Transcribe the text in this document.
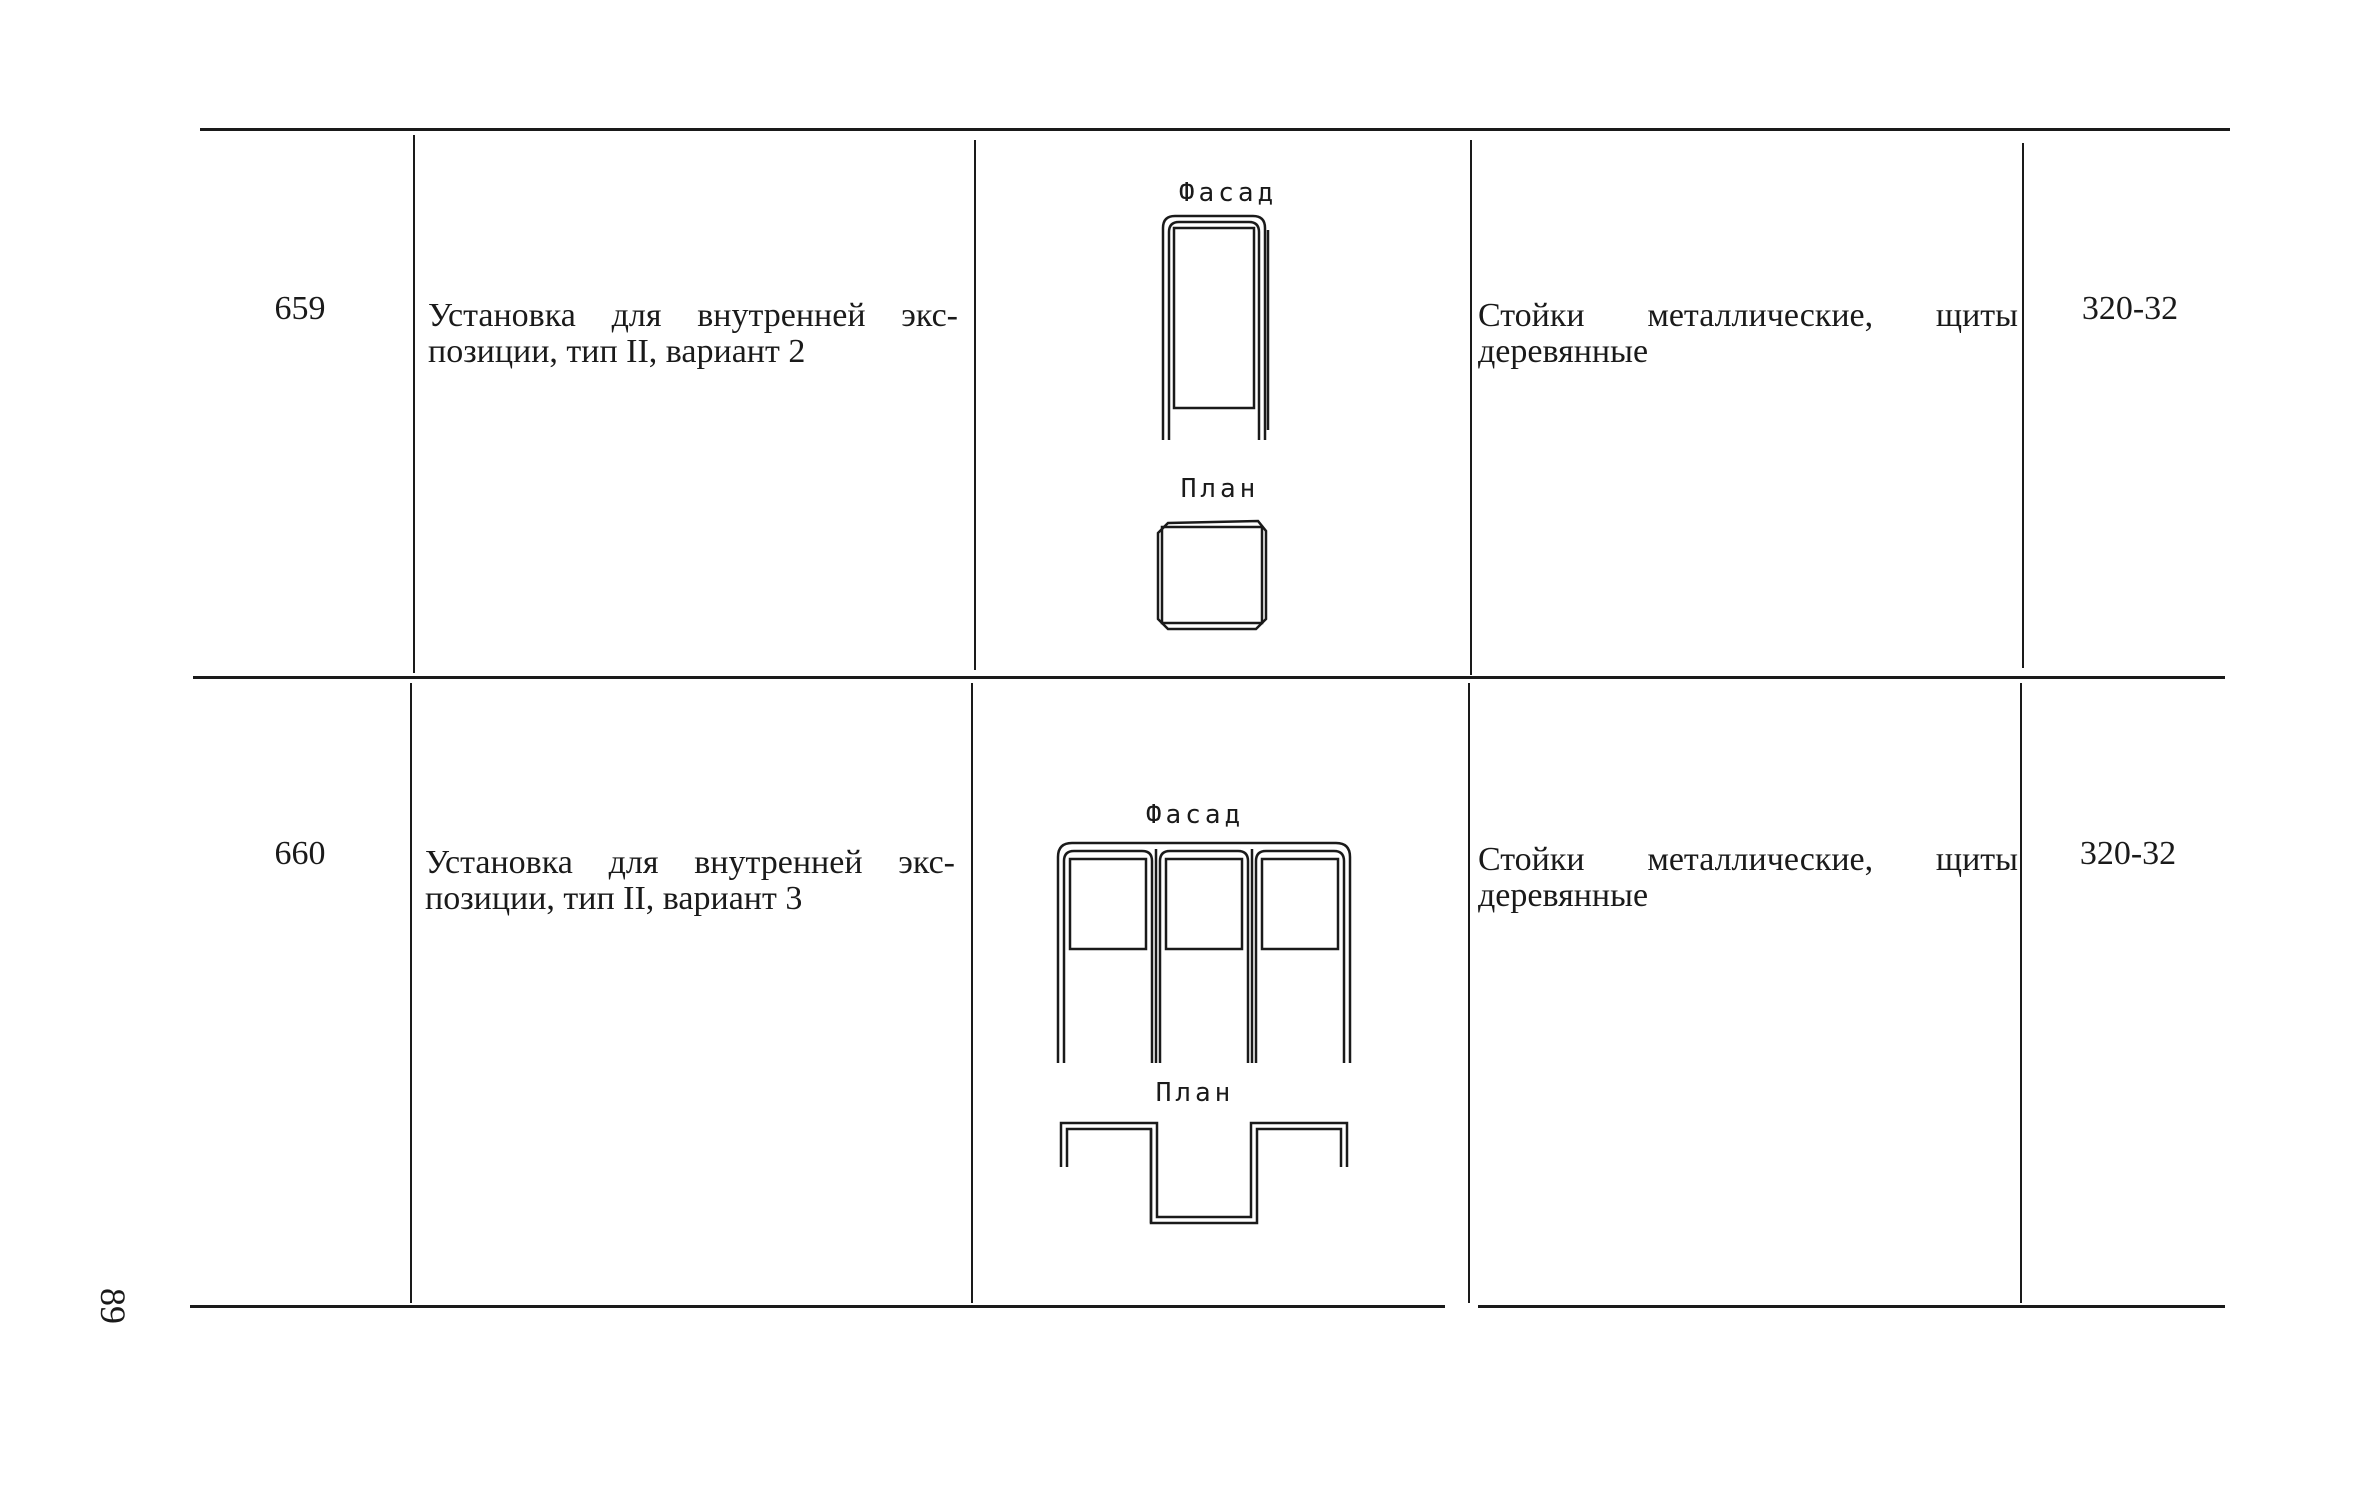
659	Установка для внутренней экс-позиции, тип II, вариант 2
Фасад
План
Стойки металлические, щиты деревянные
320-32
660	Установка для внутрен͏ней экс-позиции, тип II, ва͏риант 3
Фасад
План
Стойки металлические, щиты деревянные
320-32
89
